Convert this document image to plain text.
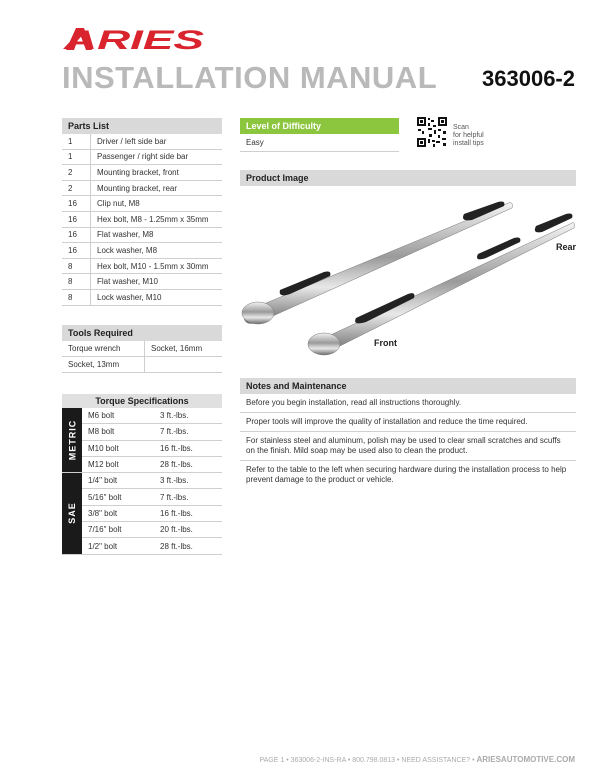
ARIES
INSTALLATION MANUAL 363006-2
Parts List
1	Driver / left side bar
1	Passenger / right side bar
2	Mounting bracket, front
2	Mounting bracket, rear
16	Clip nut, M8
16	Hex bolt, M8 - 1.25mm x 35mm
16	Flat washer, M8
16	Lock washer, M8
8	Hex bolt, M10 - 1.5mm x 30mm
8	Flat washer, M10
8	Lock washer, M10
Tools Required
Torque wrench	Socket, 16mm
Socket, 13mm
Torque Specifications
METRIC
M6 bolt	3 ft.-lbs.
M8 bolt	7 ft.-lbs.
M10 bolt	16 ft.-lbs.
M12 bolt	28 ft.-lbs.
SAE
1/4" bolt	3 ft.-lbs.
5/16" bolt	7 ft.-lbs.
3/8" bolt	16 ft.-lbs.
7/16" bolt	20 ft.-lbs.
1/2" bolt	28 ft.-lbs.
Level of Difficulty
Easy
Scan
for helpful
install tips
Product Image
Rear
Front
Notes and Maintenance
Before you begin installation, read all instructions thoroughly.
Proper tools will improve the quality of installation and reduce the time required.
For stainless steel and aluminum, polish may be used to clear small scratches and scuffs on the finish. Mild soap may be used also to clean the product.
Refer to the table to the left when securing hardware during the installation process to help prevent damage to the product or vehicle.
PAGE 1 • 363006-2-INS-RA • 800.798.0813 • NEED ASSISTANCE? • ARIESAUTOMOTIVE.COM
